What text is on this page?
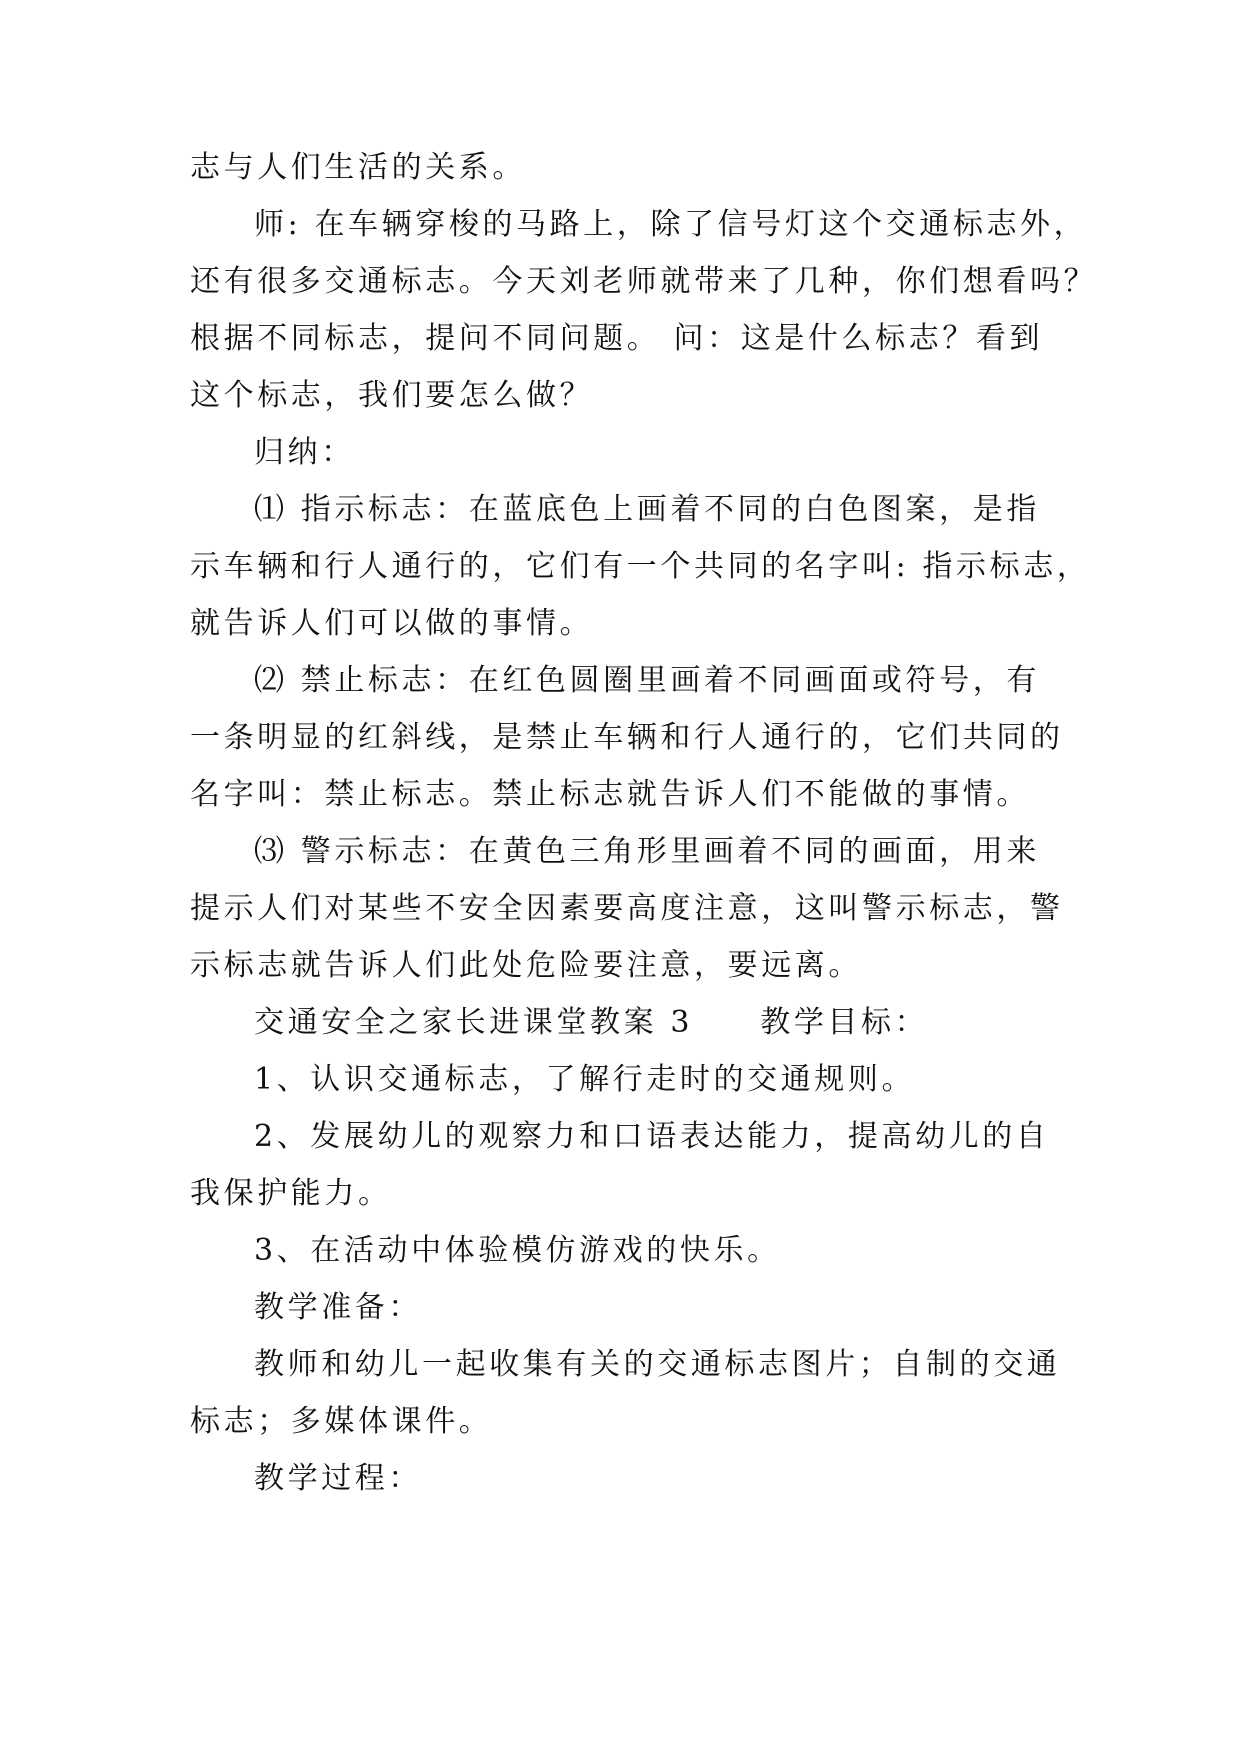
志与人们生活的关系。
师: 在车辆穿梭的马路上，除了信号灯这个交通标志外，
还有很多交通标志。今天刘老师就带来了几种，你们想看吗？
根据不同标志，提问不同问题。 问：这是什么标志？看到
这个标志，我们要怎么做？
归纳：
⑴ 指示标志：在蓝底色上画着不同的白色图案，是指
示车辆和行人通行的，它们有一个共同的名字叫: 指示标志，
就告诉人们可以做的事情。
⑵ 禁止标志：在红色圆圈里画着不同画面或符号，有
一条明显的红斜线，是禁止车辆和行人通行的，它们共同的
名字叫：禁止标志。禁止标志就告诉人们不能做的事情。
⑶ 警示标志：在黄色三角形里画着不同的画面，用来
提示人们对某些不安全因素要高度注意，这叫警示标志，警
示标志就告诉人们此处危险要注意，要远离。
交通安全之家长进课堂教案 3　　教学目标：
1、认识交通标志，了解行走时的交通规则。
2、发展幼儿的观察力和口语表达能力，提高幼儿的自
我保护能力。
3、在活动中体验模仿游戏的快乐。
教学准备：
教师和幼儿一起收集有关的交通标志图片；自制的交通
标志；多媒体课件。
教学过程：
